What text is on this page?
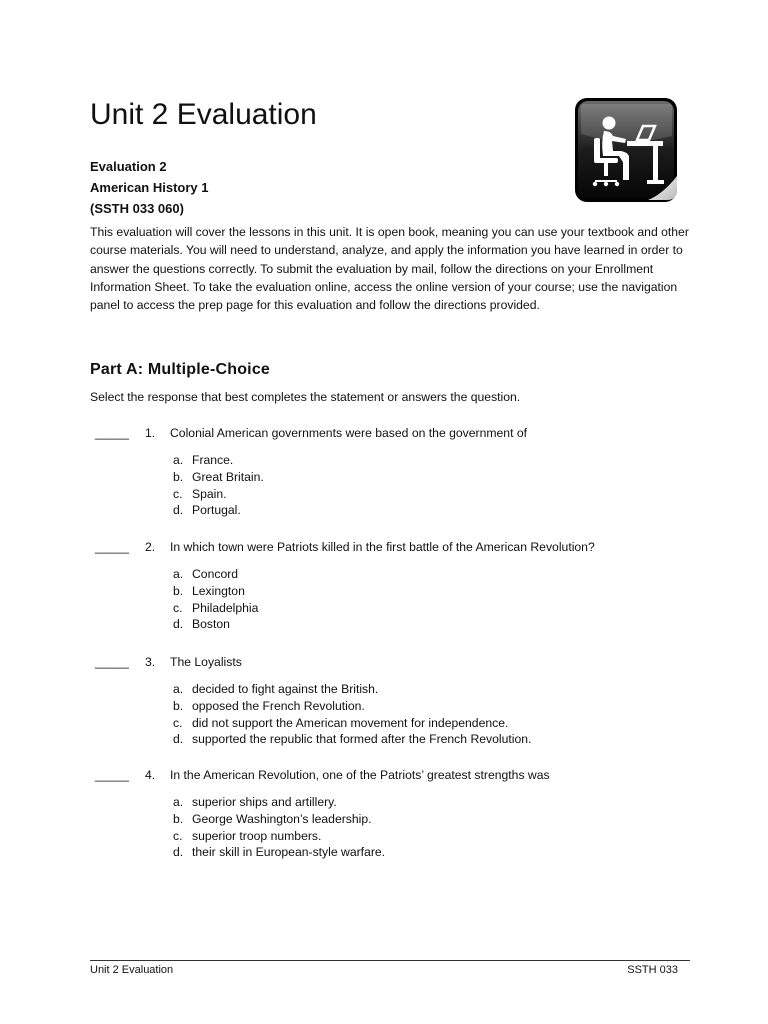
Unit 2 Evaluation
Evaluation 2
American History 1
(SSTH 033 060)

This evaluation will cover the lessons in this unit. It is open book, meaning you can use your textbook and other course materials. You will need to understand, analyze, and apply the information you have learned in order to answer the questions correctly. To submit the evaluation by mail, follow the directions on your Enrollment Information Sheet. To take the evaluation online, access the online version of your course; use the navigation panel to access the prep page for this evaluation and follow the directions provided.

Part A: Multiple-Choice
Select the response that best completes the statement or answers the question.
_____ 1. Colonial American governments were based on the government of
a. France.
b. Great Britain.
c. Spain.
d. Portugal.
_____ 2. In which town were Patriots killed in the first battle of the American Revolution?
a. Concord
b. Lexington
c. Philadelphia
d. Boston
_____ 3. The Loyalists
a. decided to fight against the British.
b. opposed the French Revolution.
c. did not support the American movement for independence.
d. supported the republic that formed after the French Revolution.
_____ 4. In the American Revolution, one of the Patriots’ greatest strengths was
a. superior ships and artillery.
b. George Washington’s leadership.
c. superior troop numbers.
d. their skill in European-style warfare.
Unit 2 Evaluation	SSTH 033
